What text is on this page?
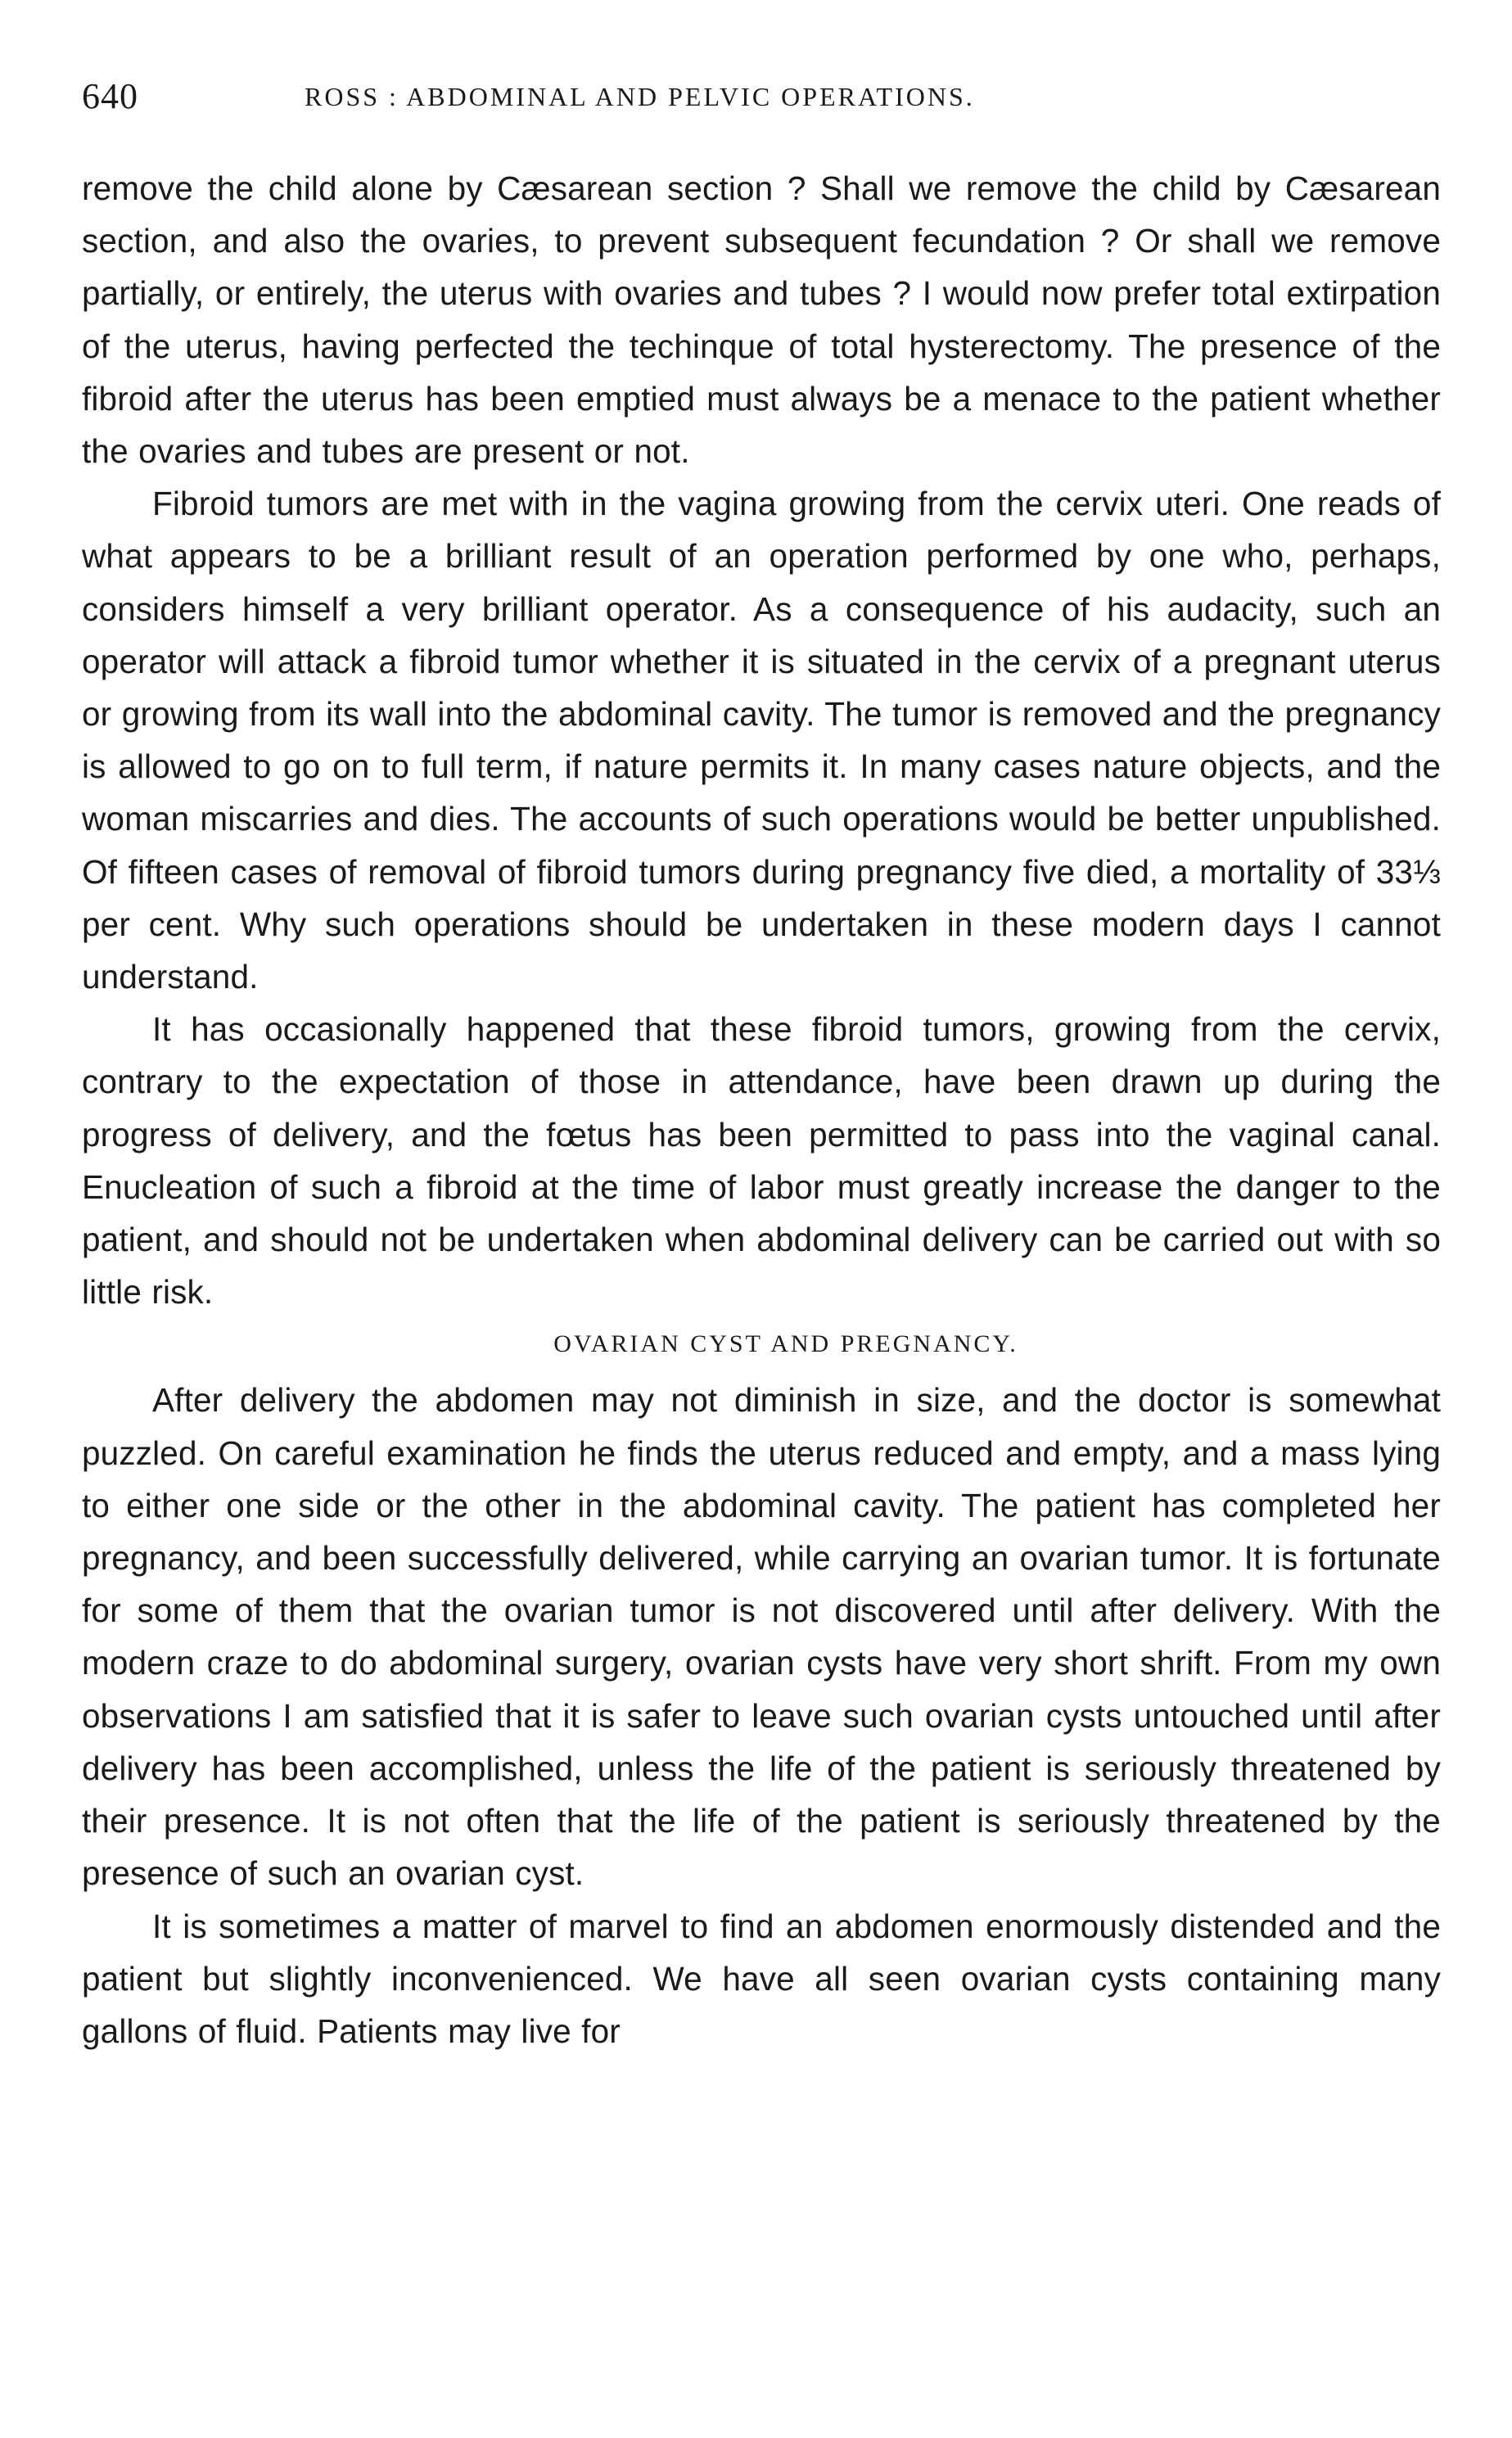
640	ROSS : ABDOMINAL AND PELVIC OPERATIONS.

remove the child alone by Cæsarean section ? Shall we remove the child by Cæsarean section, and also the ovaries, to prevent subsequent fecundation ? Or shall we remove partially, or entirely, the uterus with ovaries and tubes ? I would now prefer total extirpation of the uterus, having perfected the techinque of total hysterectomy. The presence of the fibroid after the uterus has been emptied must always be a menace to the patient whether the ovaries and tubes are present or not.

Fibroid tumors are met with in the vagina growing from the cervix uteri. One reads of what appears to be a brilliant result of an operation performed by one who, perhaps, considers himself a very brilliant operator. As a consequence of his audacity, such an operator will attack a fibroid tumor whether it is situated in the cervix of a pregnant uterus or growing from its wall into the abdominal cavity. The tumor is removed and the pregnancy is allowed to go on to full term, if nature permits it. In many cases nature objects, and the woman miscarries and dies. The accounts of such operations would be better unpublished. Of fifteen cases of removal of fibroid tumors during pregnancy five died, a mortality of 33⅓ per cent. Why such operations should be undertaken in these modern days I cannot understand.

It has occasionally happened that these fibroid tumors, growing from the cervix, contrary to the expectation of those in attendance, have been drawn up during the progress of delivery, and the fœtus has been permitted to pass into the vaginal canal. Enucleation of such a fibroid at the time of labor must greatly increase the danger to the patient, and should not be undertaken when abdominal delivery can be carried out with so little risk.

OVARIAN CYST AND PREGNANCY.

After delivery the abdomen may not diminish in size, and the doctor is somewhat puzzled. On careful examination he finds the uterus reduced and empty, and a mass lying to either one side or the other in the abdominal cavity. The patient has completed her pregnancy, and been successfully delivered, while carrying an ovarian tumor. It is fortunate for some of them that the ovarian tumor is not discovered until after delivery. With the modern craze to do abdominal surgery, ovarian cysts have very short shrift. From my own observations I am satisfied that it is safer to leave such ovarian cysts untouched until after delivery has been accomplished, unless the life of the patient is seriously threatened by their presence. It is not often that the life of the patient is seriously threatened by the presence of such an ovarian cyst.

It is sometimes a matter of marvel to find an abdomen enormously distended and the patient but slightly inconvenienced. We have all seen ovarian cysts containing many gallons of fluid. Patients may live for
